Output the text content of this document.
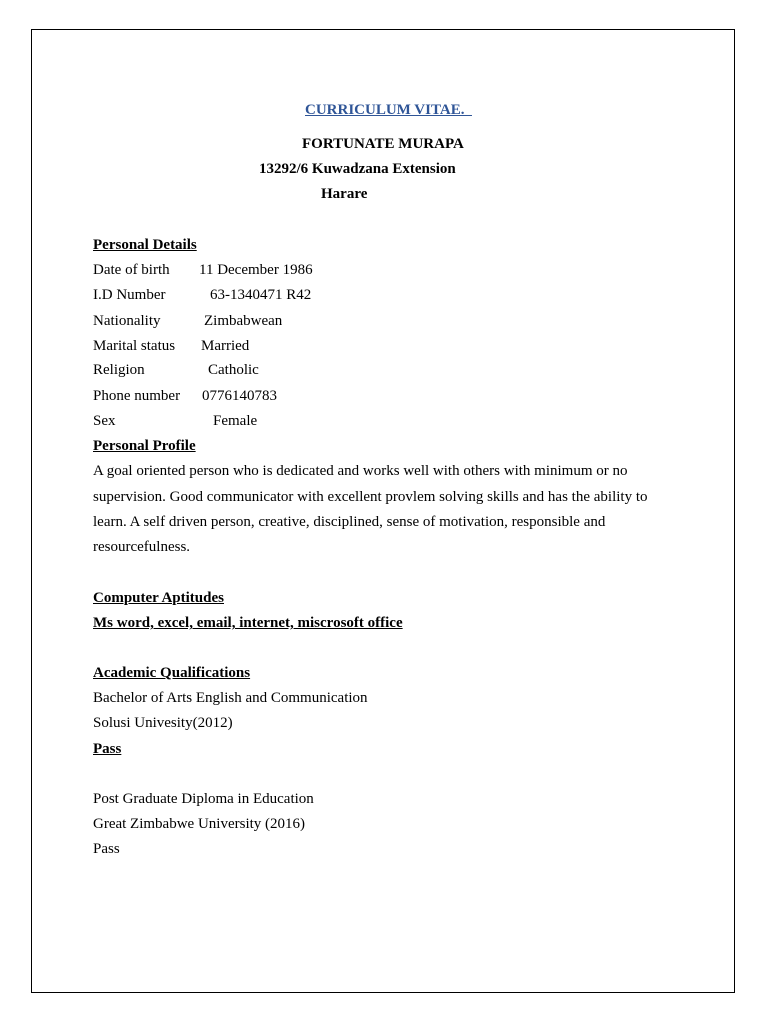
CURRICULUM VITAE.
FORTUNATE MURAPA
13292/6 Kuwadzana Extension
Harare
Personal Details
Date of birth 11 December 1986
I.D Number	63-1340471 R42
Nationality	Zimbabwean
Marital status Married
Religion	Catholic
Phone number 0776140783
Sex	Female
Personal Profile
A goal oriented person who is dedicated and works well with others with minimum or no
supervision. Good communicator with excellent provlem solving skills and has the ability to
learn. A self driven person, creative, disciplined, sense of motivation, responsible and
resourcefulness.
Computer Aptitudes
Ms word, excel, email, internet, miscrosoft office
Academic Qualifications
Bachelor of Arts English and Communication
Solusi Univesity(2012)
Pass
Post Graduate Diploma in Education
Great Zimbabwe University (2016)
Pass
